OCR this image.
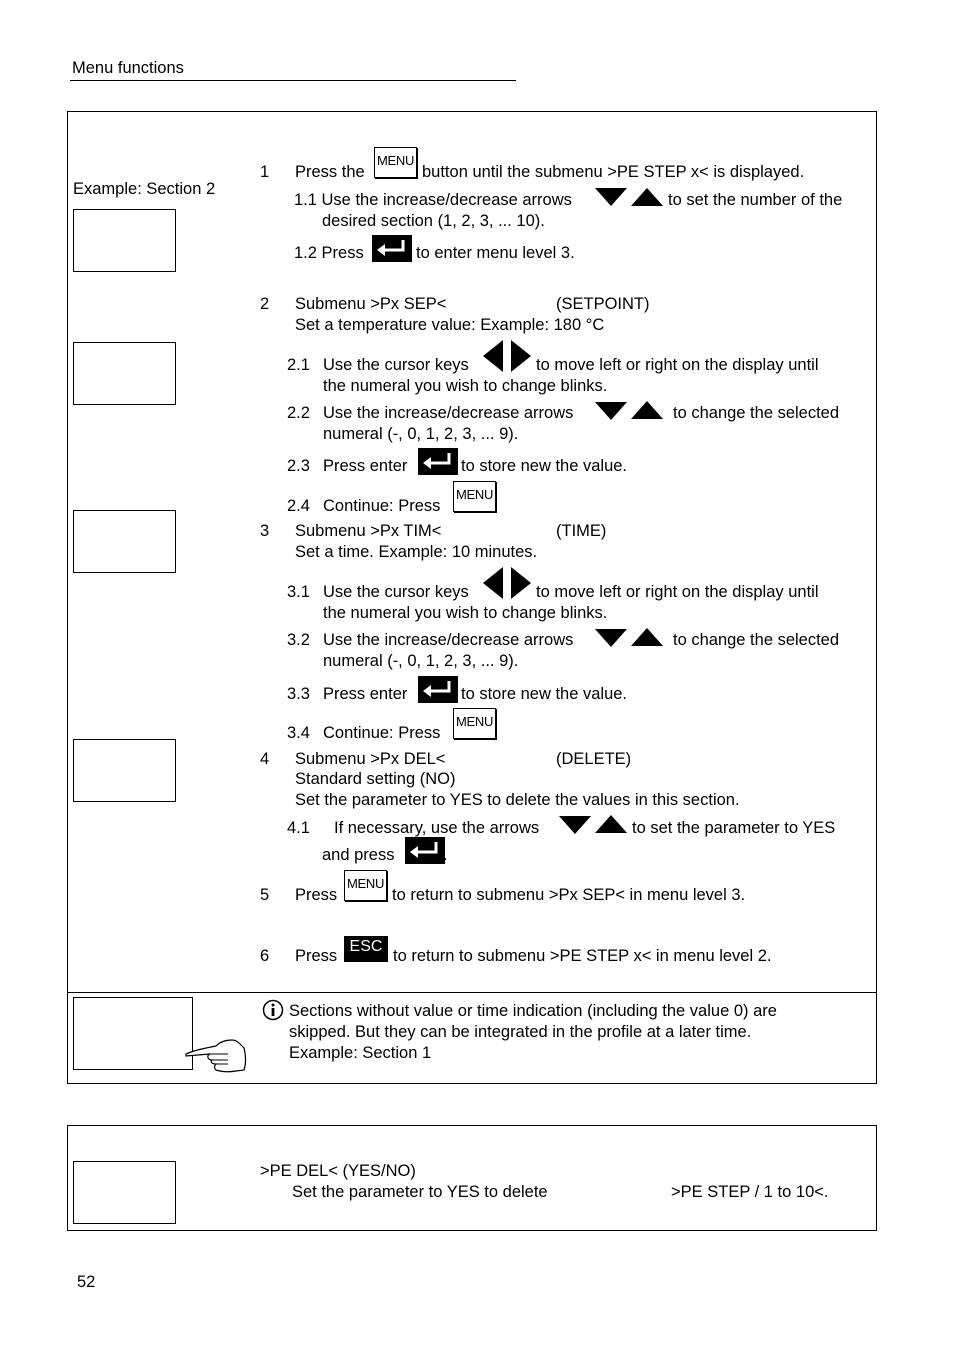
Menu functions
Example: Section 2
1 Press the
MENU
button until the submenu >PE STEP x< is displayed.
1.1 Use the increase/decrease arrows	to set the number of the
desired section (1, 2, 3, ... 10).
1.2 Press	to enter menu level 3.
2 Submenu >Px SEP<	(SETPOINT)
Set a temperature value: Example: 180 °C
2.1 Use the cursor keys	to move left or right on the display until
the numeral you wish to change blinks.
2.2 Use the increase/decrease arrows	to change the selected
numeral (-, 0, 1, 2, 3, ... 9).
2.3 Press enter	to store new the value.
2.4 Continue: Press
MENU
3 Submenu >Px TIM<	(TIME)
Set a time. Example: 10 minutes.
3.1 Use the cursor keys	to move left or right on the display until
the numeral you wish to change blinks.
3.2 Use the increase/decrease arrows	to change the selected
numeral (-, 0, 1, 2, 3, ... 9).
3.3 Press enter	to store new the value.
3.4 Continue: Press
MENU
4 Submenu >Px DEL<	(DELETE)
Standard setting (NO)
Set the parameter to YES to delete the values in this section.
4.1 If necessary, use the arrows	to set the parameter to YES
and press	.
5 Press
MENU
to return to submenu >Px SEP< in menu level 3.
6 Press
ESC
to return to submenu >PE STEP x< in menu level 2.
Sections without value or time indication (including the value 0) are
skipped. But they can be integrated in the profile at a later time.
Example: Section 1
>PE DEL< (YES/NO)
Set the parameter to YES to delete	>PE STEP / 1 to 10<.
52
